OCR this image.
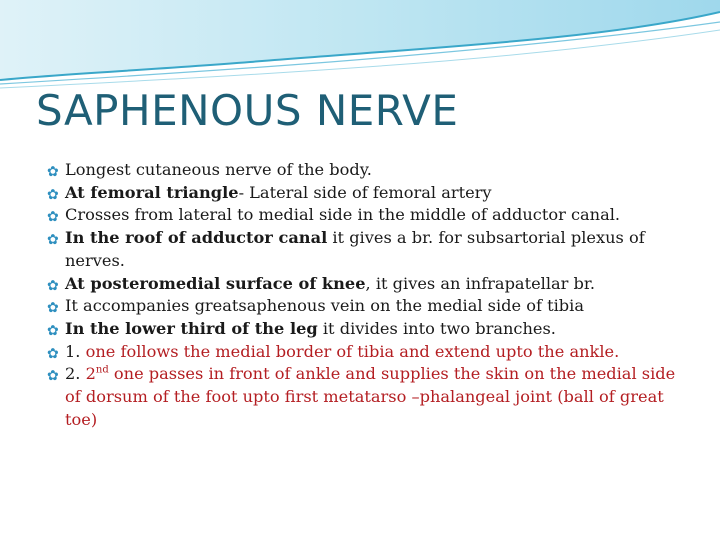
SAPHENOUS NERVE
✿ Longest cutaneous nerve of the body.
✿ At femoral triangle- Lateral side of femoral artery
✿ Crosses from lateral to medial side in the middle of adductor canal.
✿ In the roof of adductor canal it gives a br. for subsartorial plexus of nerves.
✿ At posteromedial surface of knee, it gives an infrapatellar br.
✿ It accompanies greatsaphenous vein on the medial side of tibia
✿ In the lower third of the leg it divides into two branches.
✿ 1. one follows the medial border of tibia and extend upto the ankle.
✿ 2. 2nd one passes in front of ankle and supplies the skin on the medial side of dorsum of the foot upto first metatarso –phalangeal joint (ball of great toe)
